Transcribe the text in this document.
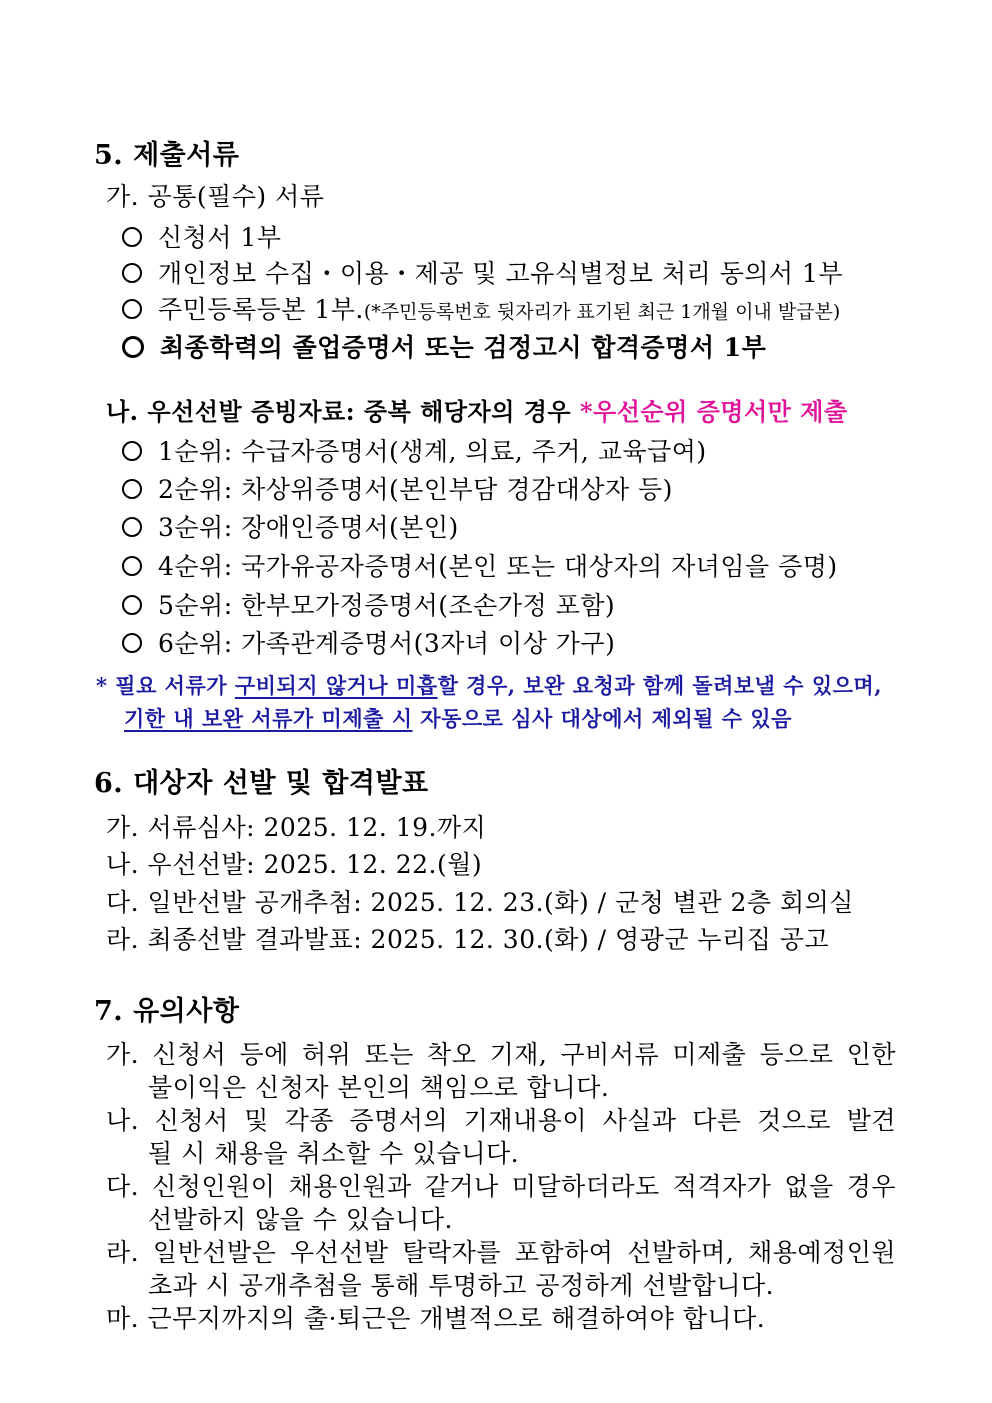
5. 제출서류
가. 공통(필수) 서류
신청서 1부
개인정보 수집・이용・제공 및 고유식별정보 처리 동의서 1부
주민등록등본 1부.(*주민등록번호 뒷자리가 표기된 최근 1개월 이내 발급본)
최종학력의 졸업증명서 또는 검정고시 합격증명서 1부
나. 우선선발 증빙자료: 중복 해당자의 경우 *우선순위 증명서만 제출
1순위: 수급자증명서(생계, 의료, 주거, 교육급여)
2순위: 차상위증명서(본인부담 경감대상자 등)
3순위: 장애인증명서(본인)
4순위: 국가유공자증명서(본인 또는 대상자의 자녀임을 증명)
5순위: 한부모가정증명서(조손가정 포함)
6순위: 가족관계증명서(3자녀 이상 가구)
* 필요 서류가 구비되지 않거나 미흡할 경우, 보완 요청과 함께 돌려보낼 수 있으며,
기한 내 보완 서류가 미제출 시 자동으로 심사 대상에서 제외될 수 있음
6. 대상자 선발 및 합격발표
가. 서류심사: 2025. 12. 19.까지
나. 우선선발: 2025. 12. 22.(월)
다. 일반선발 공개추첨: 2025. 12. 23.(화) / 군청 별관 2층 회의실
라. 최종선발 결과발표: 2025. 12. 30.(화) / 영광군 누리집 공고
7. 유의사항
가. 신청서 등에 허위 또는 착오 기재, 구비서류 미제출 등으로 인한
불이익은 신청자 본인의 책임으로 합니다.
나. 신청서 및 각종 증명서의 기재내용이 사실과 다른 것으로 발견
될 시 채용을 취소할 수 있습니다.
다. 신청인원이 채용인원과 같거나 미달하더라도 적격자가 없을 경우
선발하지 않을 수 있습니다.
라. 일반선발은 우선선발 탈락자를 포함하여 선발하며, 채용예정인원
초과 시 공개추첨을 통해 투명하고 공정하게 선발합니다.
마. 근무지까지의 출·퇴근은 개별적으로 해결하여야 합니다.
